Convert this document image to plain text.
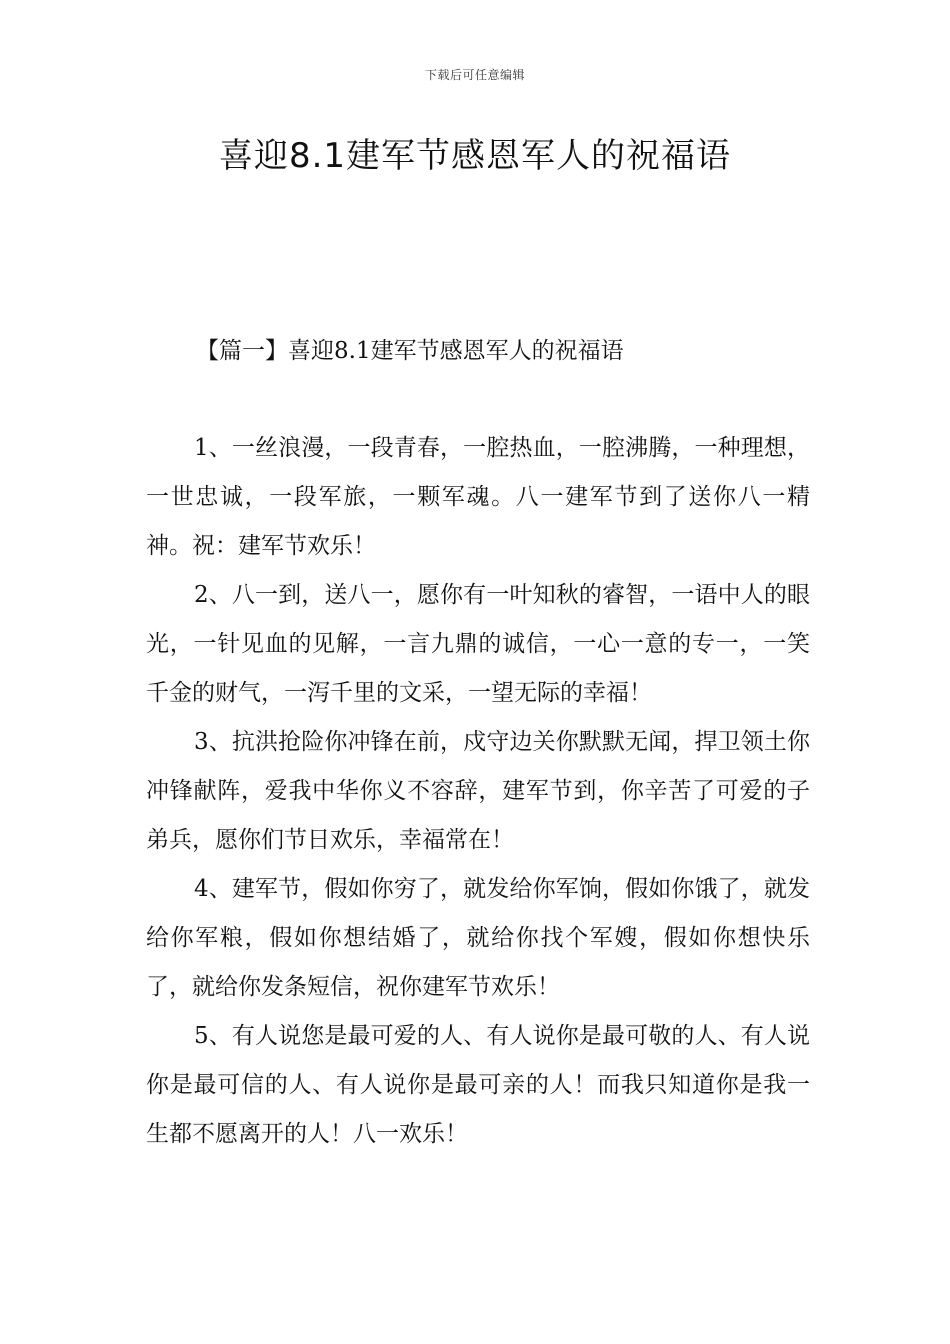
下载后可任意编辑
喜迎8.1建军节感恩军人的祝福语
【篇一】喜迎8.1建军节感恩军人的祝福语

1、一丝浪漫，一段青春，一腔热血，一腔沸腾，一种理想，一世忠诚，一段军旅，一颗军魂。八一建军节到了送你八一精神。祝：建军节欢乐！

2、八一到，送八一，愿你有一叶知秋的睿智，一语中人的眼光，一针见血的见解，一言九鼎的诚信，一心一意的专一，一笑千金的财气，一泻千里的文采，一望无际的幸福！

3、抗洪抢险你冲锋在前，戍守边关你默默无闻，捍卫领土你冲锋献阵，爱我中华你义不容辞，建军节到，你辛苦了可爱的子弟兵，愿你们节日欢乐，幸福常在！

4、建军节，假如你穷了，就发给你军饷，假如你饿了，就发给你军粮，假如你想结婚了，就给你找个军嫂，假如你想快乐了，就给你发条短信，祝你建军节欢乐！

5、有人说您是最可爱的人、有人说你是最可敬的人、有人说你是最可信的人、有人说你是最可亲的人！而我只知道你是我一生都不愿离开的人！八一欢乐！
